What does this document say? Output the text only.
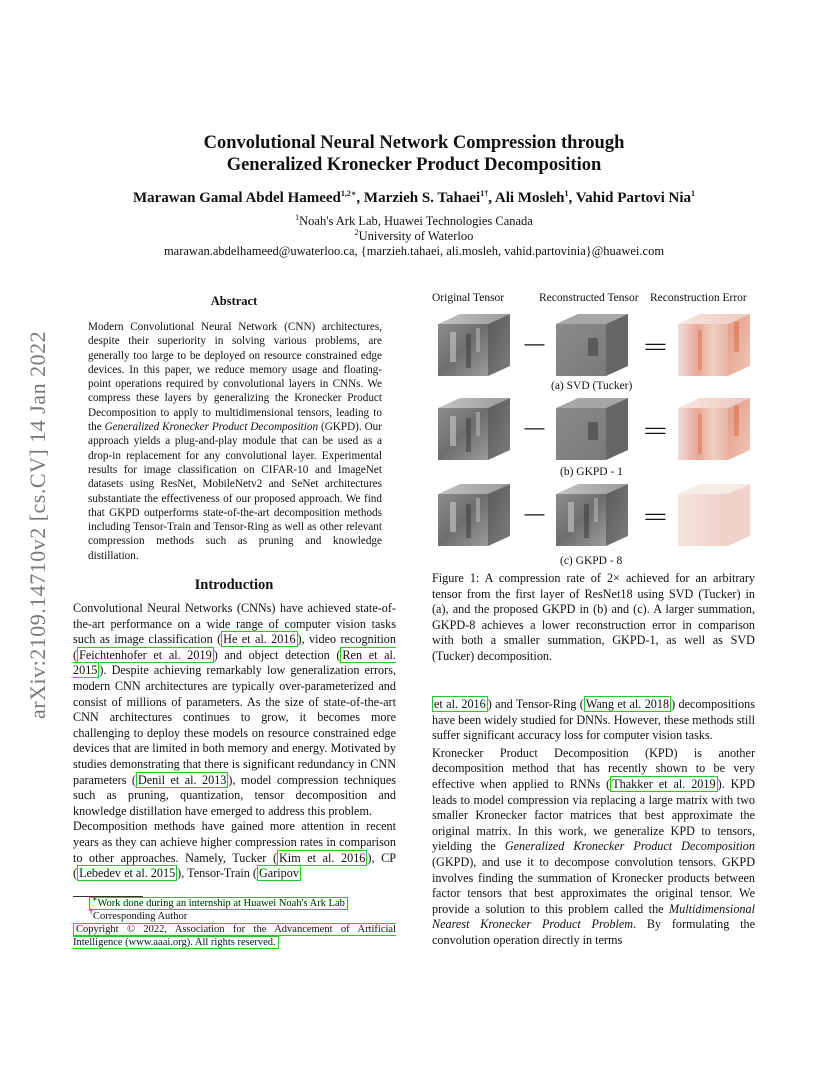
Convolutional Neural Network Compression through
Generalized Kronecker Product Decomposition
Marawan Gamal Abdel Hameed$^{1,2∗}$, Marzieh S. Tahaei$^{1\dagger}$, Ali Mosleh$^1$, Vahid Partovi Nia$^1$
$^1$Noah's Ark Lab, Huawei Technologies Canada
$^2$University of Waterloo
marawan.abdelhameed@uwaterloo.ca, {marzieh.tahaei, ali.mosleh, vahid.partovinia}@huawei.com
arXiv:2109.14710v2 [cs.CV] 14 Jan 2022
Abstract
Modern Convolutional Neural Network (CNN) architectures, despite their superiority in solving various problems, are generally too large to be deployed on resource constrained edge devices. In this paper, we reduce memory usage and floating-point operations required by convolutional layers in CNNs. We compress these layers by generalizing the Kronecker Product Decomposition to apply to multidimensional tensors, leading to the Generalized Kronecker Product Decomposition (GKPD). Our approach yields a plug-and-play module that can be used as a drop-in replacement for any convolutional layer. Experimental results for image classification on CIFAR-10 and ImageNet datasets using ResNet, MobileNetv2 and SeNet architectures substantiate the effectiveness of our proposed approach. We find that GKPD outperforms state-of-the-art decomposition methods including Tensor-Train and Tensor-Ring as well as other relevant compression methods such as pruning and knowledge distillation.
Introduction

Convolutional Neural Networks (CNNs) have achieved state-of-the-art performance on a wide range of computer vision tasks such as image classification ( He et al. 2016 ), video recognition ( Feichtenhofer et al. 2019 ) and object detection ( Ren et al. 2015 ). Despite achieving remarkably low generalization errors, modern CNN architectures are typically over-parameterized and consist of millions of parameters. As the size of state-of-the-art CNN architectures continues to grow, it becomes more challenging to deploy these models on resource constrained edge devices that are limited in both memory and energy. Motivated by studies demonstrating that there is significant redundancy in CNN parameters ( Denil et al. 2013 ), model compression techniques such as pruning, quantization, tensor decomposition and knowledge distillation have emerged to address this problem.

Decomposition methods have gained more attention in recent years as they can achieve higher compression rates in comparison to other approaches. Namely, Tucker ( Kim et al. 2016 ), CP ( Lebedev et al. 2015 ), Tensor-Train ( Garipov

∗Work done during an internship at Huawei Noah's Ark Lab
†Corresponding Author
Copyright © 2022, Association for the Advancement of Artificial Intelligence (www.aaai.org). All rights reserved.
Original Tensor	Reconstructed Tensor Reconstruction Error
−	=
−	=
−	=
(a) SVD (Tucker)
(b) GKPD - 1
(c) GKPD - 8
Figure 1: A compression rate of 2× achieved for an arbitrary tensor from the first layer of ResNet18 using SVD (Tucker) in (a), and the proposed GKPD in (b) and (c). A larger summation, GKPD-8 achieves a lower reconstruction error in comparison with both a smaller summation, GKPD-1, as well as SVD (Tucker) decomposition.

et al. 2016 ) and Tensor-Ring ( Wang et al. 2018 ) decompositions have been widely studied for DNNs. However, these methods still suffer significant accuracy loss for computer vision tasks.

Kronecker Product Decomposition (KPD) is another decomposition method that has recently shown to be very effective when applied to RNNs ( Thakker et al. 2019 ). KPD leads to model compression via replacing a large matrix with two smaller Kronecker factor matrices that best approximate the original matrix. In this work, we generalize KPD to tensors, yielding the Generalized Kronecker Product Decomposition (GKPD), and use it to decompose convolution tensors. GKPD involves finding the summation of Kronecker products between factor tensors that best approximates the original tensor. We provide a solution to this problem called the Multidimensional Nearest Kronecker Product Problem. By formulating the convolution operation directly in terms
